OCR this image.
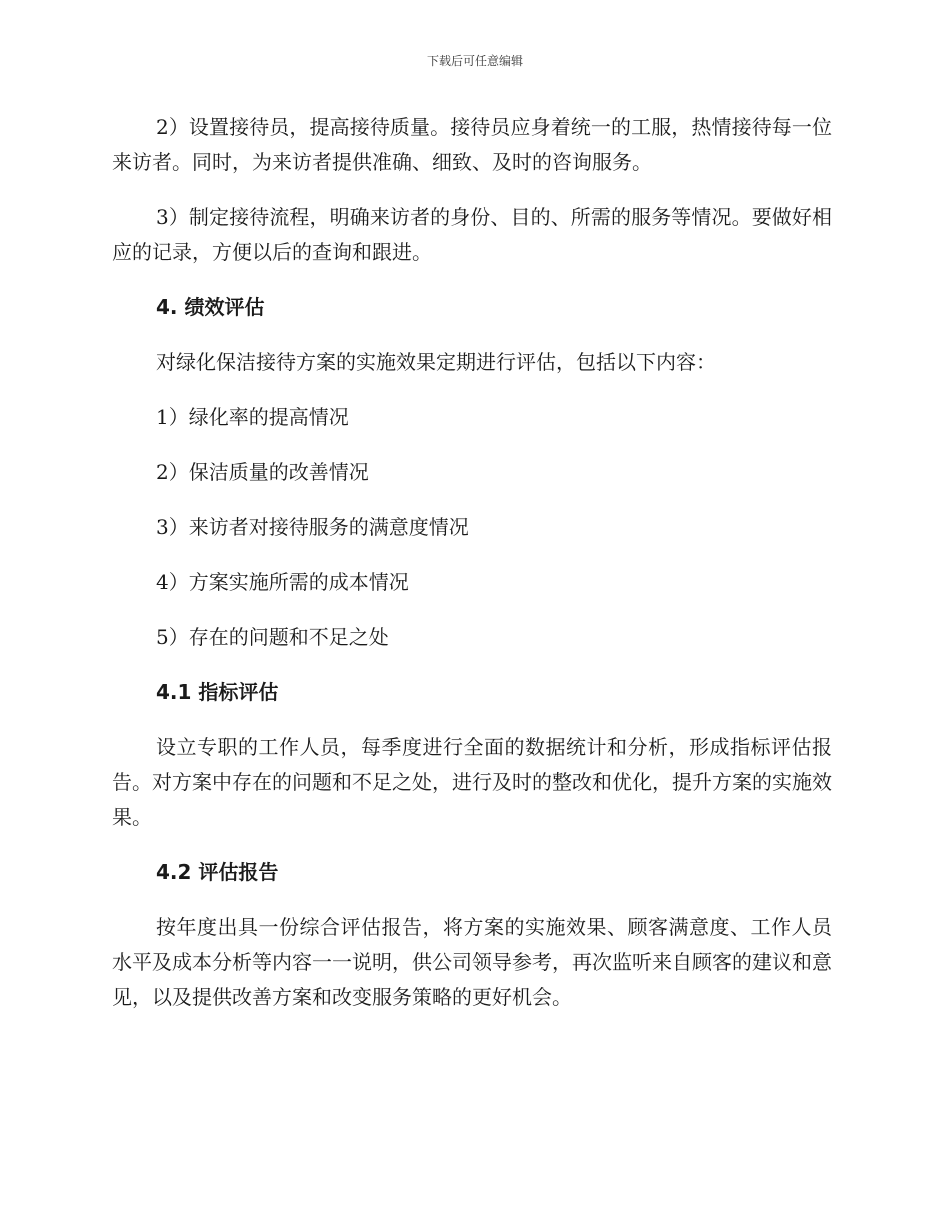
下载后可任意编辑

2）设置接待员，提高接待质量。接待员应身着统一的工服，热情接待每一位来访者。同时，为来访者提供准确、细致、及时的咨询服务。

3）制定接待流程，明确来访者的身份、目的、所需的服务等情况。要做好相应的记录，方便以后的查询和跟进。

4. 绩效评估

对绿化保洁接待方案的实施效果定期进行评估，包括以下内容：

1）绿化率的提高情况

2）保洁质量的改善情况

3）来访者对接待服务的满意度情况

4）方案实施所需的成本情况

5）存在的问题和不足之处

4.1 指标评估

设立专职的工作人员，每季度进行全面的数据统计和分析，形成指标评估报告。对方案中存在的问题和不足之处，进行及时的整改和优化，提升方案的实施效果。

4.2 评估报告

按年度出具一份综合评估报告，将方案的实施效果、顾客满意度、工作人员水平及成本分析等内容一一说明，供公司领导参考，再次监听来自顾客的建议和意见，以及提供改善方案和改变服务策略的更好机会。
